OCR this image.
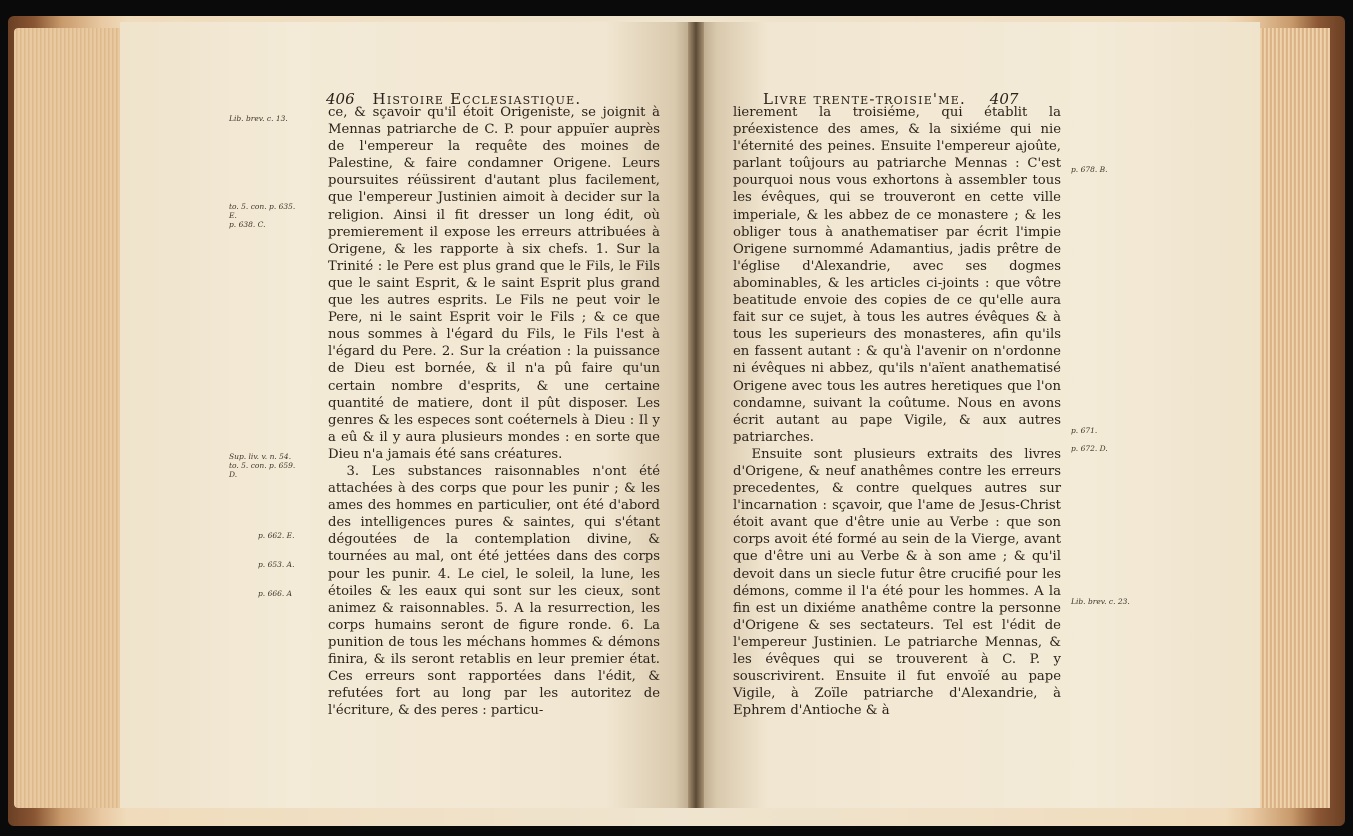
406 Histoire Ecclesiastique.
Lib. brev. c. 13.
to. 5. con. p. 635.
E.
p. 638. C.
Sup. liv. v. n. 54.
to. 5. con. p. 659.
D.
p. 662. E.
p. 653. A.
p. 666. A

ce, & sçavoir qu'il étoit Origeniste, se joignit à Mennas patriarche de C. P. pour appuïer auprès de l'empereur la requête des moines de Palestine, & faire condamner Origene. Leurs poursuites réüssirent d'autant plus facilement, que l'empereur Justinien aimoit à decider sur la religion. Ainsi il fit dresser un long édit, où premierement il expose les erreurs attribuées à Origene, & les rapporte à six chefs. 1. Sur la Trinité : le Pere est plus grand que le Fils, le Fils que le saint Esprit, & le saint Esprit plus grand que les autres esprits. Le Fils ne peut voir le Pere, ni le saint Esprit voir le Fils ; & ce que nous sommes à l'égard du Fils, le Fils l'est à l'égard du Pere. 2. Sur la création : la puissance de Dieu est bornée, & il n'a pû faire qu'un certain nombre d'esprits, & une certaine quantité de matiere, dont il pût disposer. Les genres & les especes sont coéternels à Dieu : Il y a eû & il y aura plusieurs mondes : en sorte que Dieu n'a jamais été sans créatures.

3. Les substances raisonnables n'ont été attachées à des corps que pour les punir ; & les ames des hommes en particulier, ont été d'abord des intelligences pures & saintes, qui s'étant dégoutées de la contemplation divine, & tournées au mal, ont été jettées dans des corps pour les punir. 4. Le ciel, le soleil, la lune, les étoiles & les eaux qui sont sur les cieux, sont animez & raisonnables. 5. A la resurrection, les corps humains seront de figure ronde. 6. La punition de tous les méchans hommes & démons finira, & ils seront retablis en leur premier état. Ces erreurs sont rapportées dans l'édit, & refutées fort au long par les autoritez de l'écriture, & des peres : particu-

Livre trente-troisie'me. 407

lierement la troisiéme, qui établit la préexistence des ames, & la sixiéme qui nie l'éternité des peines. Ensuite l'empereur ajoûte, parlant toûjours au patriarche Mennas : C'est pourquoi nous vous exhortons à assembler tous les évêques, qui se trouveront en cette ville imperiale, & les abbez de ce monastere ; & les obliger tous à anathematiser par écrit l'impie Origene surnommé Adamantius, jadis prêtre de l'église d'Alexandrie, avec ses dogmes abominables, & les articles ci-joints : que vôtre beatitude envoie des copies de ce qu'elle aura fait sur ce sujet, à tous les autres évêques & à tous les superieurs des monasteres, afin qu'ils en fassent autant : & qu'à l'avenir on n'ordonne ni évêques ni abbez, qu'ils n'aïent anathematisé Origene avec tous les autres heretiques que l'on condamne, suivant la coûtume. Nous en avons écrit autant au pape Vigile, & aux autres patriarches.

Ensuite sont plusieurs extraits des livres d'Origene, & neuf anathêmes contre les erreurs precedentes, & contre quelques autres sur l'incarnation : sçavoir, que l'ame de Jesus-Christ étoit avant que d'être unie au Verbe : que son corps avoit été formé au sein de la Vierge, avant que d'être uni au Verbe & à son ame ; & qu'il devoit dans un siecle futur être crucifié pour les démons, comme il l'a été pour les hommes. A la fin est un dixiéme anathême contre la personne d'Origene & ses sectateurs. Tel est l'édit de l'empereur Justinien. Le patriarche Mennas, & les évêques qui se trouverent à C. P. y souscrivirent. Ensuite il fut envoïé au pape Vigile, à Zoïle patriarche d'Alexandrie, à Ephrem d'Antioche & à

p. 678. B.
p. 671.
p. 672. D.
Lib. brev. c. 23.
